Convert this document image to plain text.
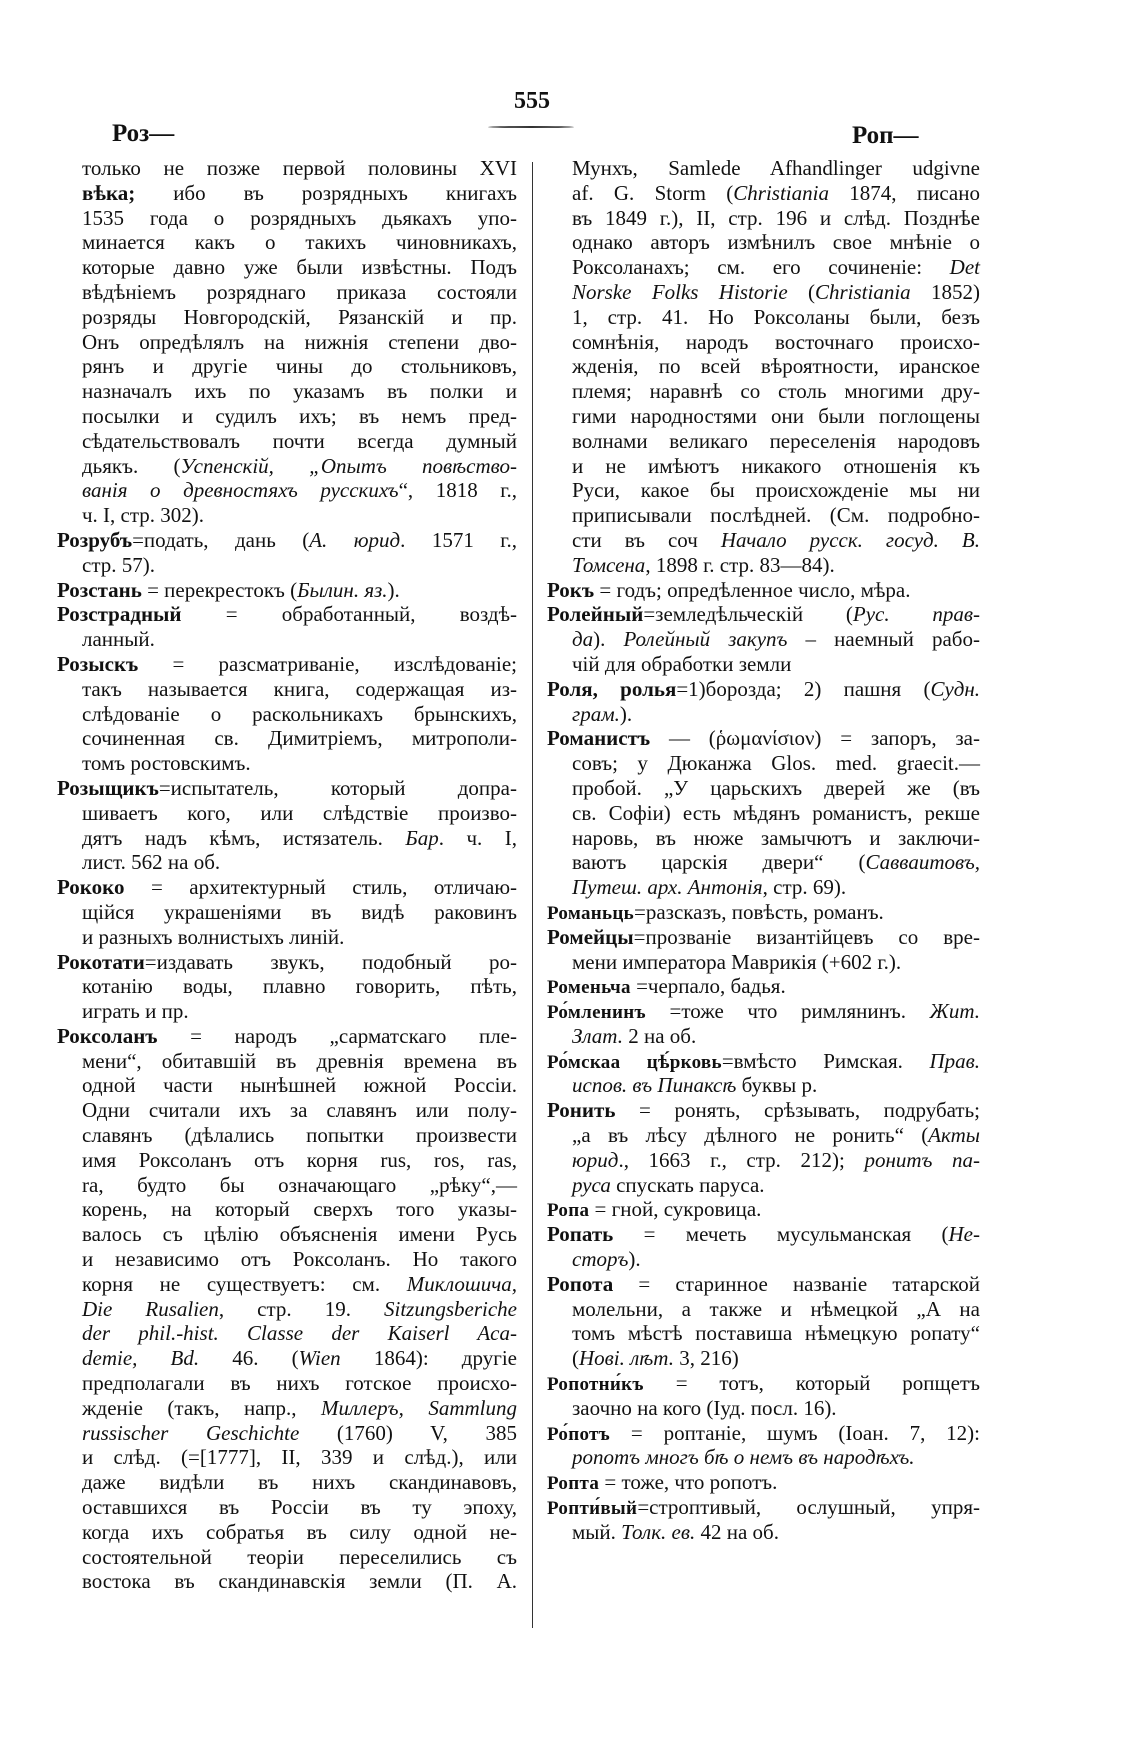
Роз—
555
Роп—
только не позже первой половины XVI
вѣка; ибо въ розрядныхъ книгахъ
1535 года о розрядныхъ дьякахъ упо-
минается какъ о такихъ чиновникахъ,
которые давно уже были извѣстны. Подъ
вѣдѣніемъ розряднаго приказа состояли
розряды Новгородскій, Рязанскій и пр.
Онъ опредѣлялъ на нижнія степени дво-
рянъ и другіе чины до стольниковъ,
назначалъ ихъ по указамъ въ полки и
посылки и судилъ ихъ; въ немъ пред-
сѣдательствовалъ почти всегда думный
дьякъ. (Успенскій, „Опытъ повѣство-
ванія о древностяхъ русскихъ“, 1818 г.,
ч. I, стр. 302).
Розрубъ=подать, дань (А. юрид. 1571 г.,
стр. 57).
Розстань = перекрестокъ (Былин. яз.).
Розстрадный = обработанный, воздѣ-
ланный.
Розыскъ = разсматриваніе, изслѣдованіе;
такъ называется книга, содержащая из-
слѣдованіе о раскольникахъ брынскихъ,
сочиненная св. Димитріемъ, митрополи-
томъ ростовскимъ.
Розыщикъ=испытатель, который допра-
шиваетъ кого, или слѣдствіе произво-
дятъ надъ кѣмъ, истязатель. Бар. ч. I,
лист. 562 на об.
Рококо = архитектурный стиль, отличаю-
щійся украшеніями въ видѣ раковинъ
и разныхъ волнистыхъ линій.
Рокотати=издавать звукъ, подобный ро-
котанію воды, плавно говорить, пѣть,
играть и пр.
Роксоланъ = народъ „сарматскаго пле-
мени“, обитавшій въ древнія времена въ
одной части нынѣшней южной Россіи.
Одни считали ихъ за славянъ или полу-
славянъ (дѣлались попытки произвести
имя Роксоланъ отъ корня rus, ros, ras,
ra, будто бы означающаго „рѣку“,—
корень, на который сверхъ того указы-
валось съ цѣлію объясненія имени Русь
и независимо отъ Роксоланъ. Но такого
корня не существуетъ: см. Миклошича,
Die Rusalien, стр. 19. Sitzungsberiche
der phil.-hist. Classe der Kaiserl Aca-
demie, Bd. 46. (Wien 1864): другіе
предполагали въ нихъ готское происхо-
жденіе (такъ, напр., Миллеръ, Sammlung
russischer Geschichte (1760) V, 385
и слѣд. (=[1777], II, 339 и слѣд.), или
даже видѣли въ нихъ скандинавовъ,
оставшихся въ Россіи въ ту эпоху,
когда ихъ собратья въ силу одной не-
состоятельной теоріи переселились съ
востока въ скандинавскія земли (П. А.
Мунхъ, Samlede Afhandlinger udgivne
af. G. Storm (Christiania 1874, писано
въ 1849 г.), II, стр. 196 и слѣд. Позднѣе
однако авторъ измѣнилъ свое мнѣніе о
Роксоланахъ; см. его сочиненіе: Det
Norske Folks Historie (Christiania 1852)
1, стр. 41. Но Роксоланы были, безъ
сомнѣнія, народъ восточнаго происхо-
жденія, по всей вѣроятности, иранское
племя; наравнѣ со столь многими дру-
гими народностями они были поглощены
волнами великаго переселенія народовъ
и не имѣютъ никакого отношенія къ
Руси, какое бы происхожденіе мы ни
приписывали послѣдней. (См. подробно-
сти въ соч Начало русск. госуд. В.
Томсена, 1898 г. стр. 83—84).
Рокъ = годъ; опредѣленное число, мѣра.
Ролейный=земледѣльческій (Рус. прав-
да). Ролейный закупъ – наемный рабо-
чій для обработки земли
Роля, ролья=1)борозда; 2) пашня (Судн.
грам.).
Романистъ — (ῥωμανίσιον) = запоръ, за-
совъ; у Дюканжа Glos. med. graecit.—
пробой. „У царьскихъ дверей же (въ
св. Софіи) есть мѣдянъ романистъ, рекше
наровь, въ нюже замычютъ и заключи-
ваютъ царскія двери“ (Саввaитовъ,
Путеш. арх. Антонія, стр. 69).
Романьць=разсказъ, повѣсть, романъ.
Ромейцы=прозваніе византійцевъ со вре-
мени императора Маврикія (+602 г.).
Роменьча =черпало, бадья.
Ро́мленинъ =тоже что римлянинъ. Жит.
Злат. 2 на об.
Ро́мскаа цѣ́рковь=вмѣсто Римская. Прав.
испов. въ Пинаксѣ буквы р.
Ронить = ронять, срѣзывать, подрубать;
„а въ лѣсу дѣлного не ронить“ (Акты
юрид., 1663 г., стр. 212); ронитъ па-
руса спускать паруса.
Ропа = гной, сукровица.
Ропать = мечеть мусульманская (Не-
сторъ).
Ропота = старинное названіе татарской
молельни, а также и нѣмецкой „А на
томъ мѣстѣ поставиша нѣмецкую ропату“
(Нові. лѣт. 3, 216)
Ропотни́къ = тотъ, который ропщетъ
заочно на кого (Іуд. посл. 16).
Ро́потъ = роптаніе, шумъ (Іоан. 7, 12):
ропотъ многъ бѣ о немъ въ народѣхъ.
Ропта = тоже, что ропотъ.
Ропти́вый=строптивый, ослушный, упря-
мый. Толк. ев. 42 на об.
